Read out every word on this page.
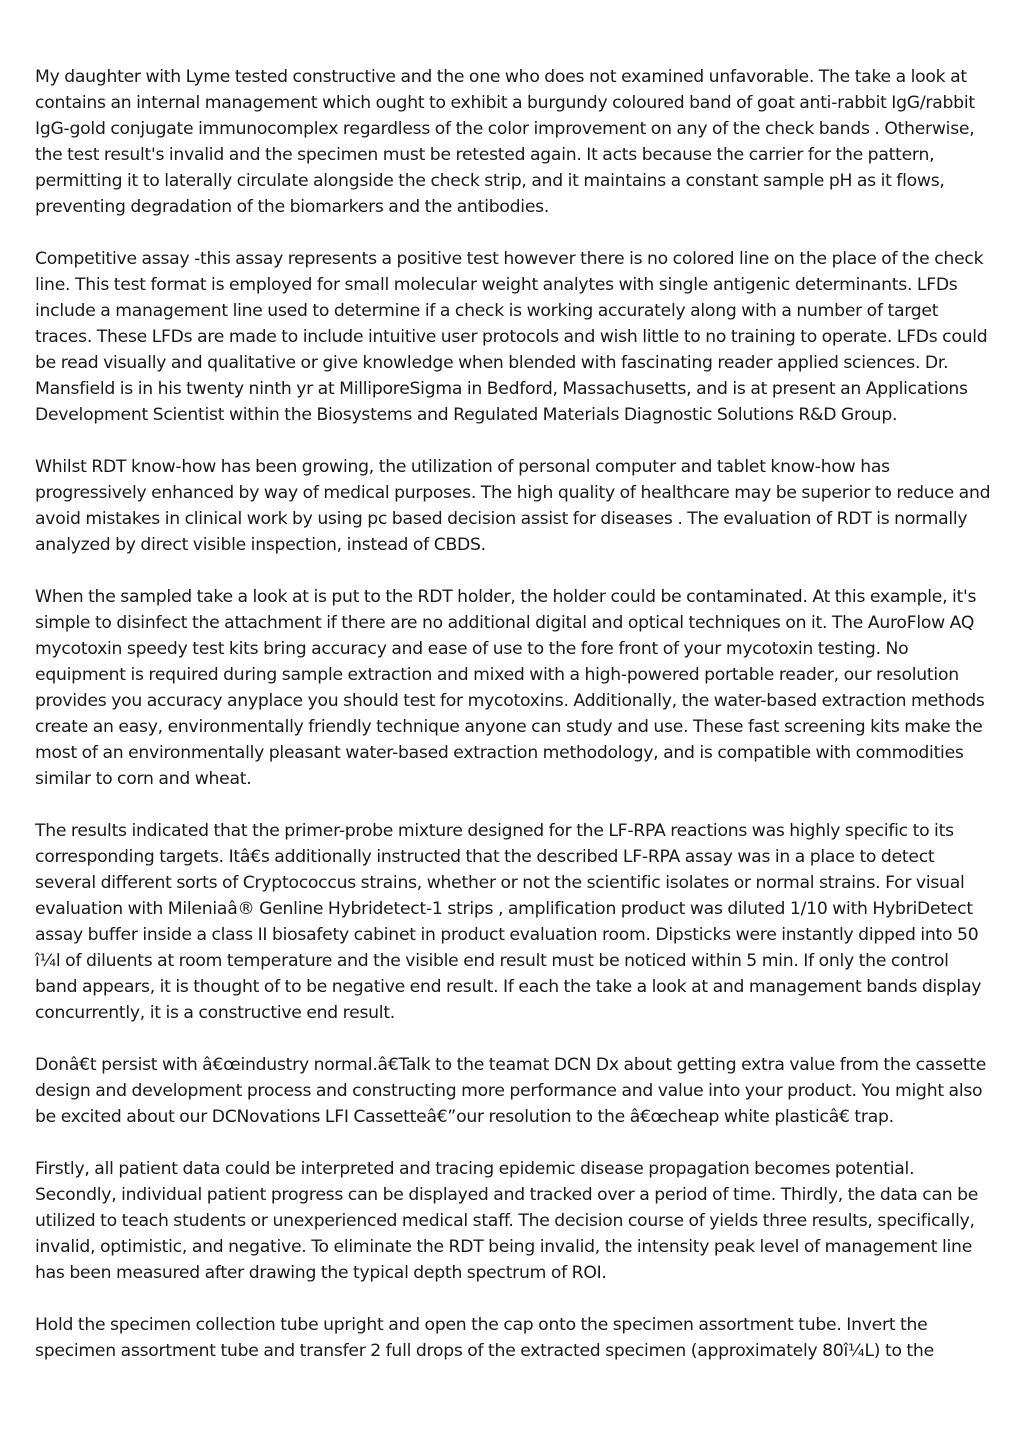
My daughter with Lyme tested constructive and the one who does not examined unfavorable. The take a look at contains an internal management which ought to exhibit a burgundy coloured band of goat anti-rabbit IgG/rabbit IgG-gold conjugate immunocomplex regardless of the color improvement on any of the check bands . Otherwise, the test result's invalid and the specimen must be retested again. It acts because the carrier for the pattern, permitting it to laterally circulate alongside the check strip, and it maintains a constant sample pH as it flows, preventing degradation of the biomarkers and the antibodies.

Competitive assay -this assay represents a positive test however there is no colored line on the place of the check line. This test format is employed for small molecular weight analytes with single antigenic determinants. LFDs include a management line used to determine if a check is working accurately along with a number of target traces. These LFDs are made to include intuitive user protocols and wish little to no training to operate. LFDs could be read visually and qualitative or give knowledge when blended with fascinating reader applied sciences. Dr. Mansfield is in his twenty ninth yr at MilliporeSigma in Bedford, Massachusetts, and is at present an Applications Development Scientist within the Biosystems and Regulated Materials Diagnostic Solutions R&D Group.

Whilst RDT know-how has been growing, the utilization of personal computer and tablet know-how has progressively enhanced by way of medical purposes. The high quality of healthcare may be superior to reduce and avoid mistakes in clinical work by using pc based decision assist for diseases . The evaluation of RDT is normally analyzed by direct visible inspection, instead of CBDS.

When the sampled take a look at is put to the RDT holder, the holder could be contaminated. At this example, it's simple to disinfect the attachment if there are no additional digital and optical techniques on it. The AuroFlow AQ mycotoxin speedy test kits bring accuracy and ease of use to the fore front of your mycotoxin testing. No equipment is required during sample extraction and mixed with a high-powered portable reader, our resolution provides you accuracy anyplace you should test for mycotoxins. Additionally, the water-based extraction methods create an easy, environmentally friendly technique anyone can study and use. These fast screening kits make the most of an environmentally pleasant water-based extraction methodology, and is compatible with commodities similar to corn and wheat.

The results indicated that the primer-probe mixture designed for the LF-RPA reactions was highly specific to its corresponding targets. Itâ€s additionally instructed that the described LF-RPA assay was in a place to detect several different sorts of Cryptococcus strains, whether or not the scientific isolates or normal strains. For visual evaluation with Mileniaâ® Genline Hybridetect-1 strips , amplification product was diluted 1/10 with HybriDetect assay buffer inside a class II biosafety cabinet in product evaluation room. Dipsticks were instantly dipped into 50 î¼l of diluents at room temperature and the visible end result must be noticed within 5 min. If only the control band appears, it is thought of to be negative end result. If each the take a look at and management bands display concurrently, it is a constructive end result.

Donâ€t persist with â€œindustry normal.â€Talk to the teamat DCN Dx about getting extra value from the cassette design and development process and constructing more performance and value into your product. You might also be excited about our DCNovations LFI Cassetteâ€”our resolution to the â€œcheap white plasticâ€ trap.

Firstly, all patient data could be interpreted and tracing epidemic disease propagation becomes potential. Secondly, individual patient progress can be displayed and tracked over a period of time. Thirdly, the data can be utilized to teach students or unexperienced medical staff. The decision course of yields three results, specifically, invalid, optimistic, and negative. To eliminate the RDT being invalid, the intensity peak level of management line has been measured after drawing the typical depth spectrum of ROI.

Hold the specimen collection tube upright and open the cap onto the specimen assortment tube. Invert the specimen assortment tube and transfer 2 full drops of the extracted specimen (approximately 80î¼L) to the
